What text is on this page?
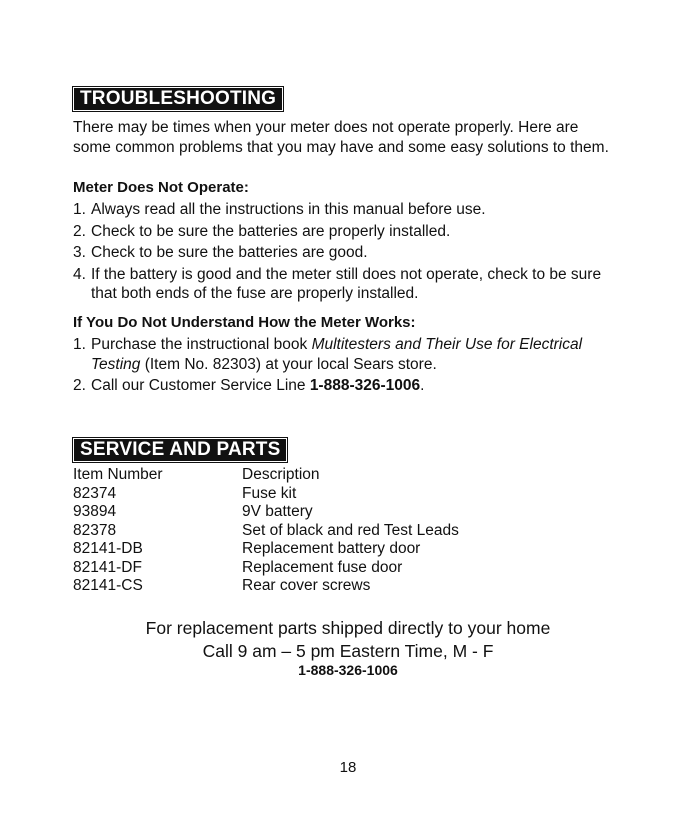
TROUBLESHOOTING

There may be times when your meter does not operate properly. Here are some common problems that you may have and some easy solutions to them.

Meter Does Not Operate:

1. Always read all the instructions in this manual before use.
2. Check to be sure the batteries are properly installed.
3. Check to be sure the batteries are good.
4. If the battery is good and the meter still does not operate, check to be sure that both ends of the fuse are properly installed.

If You Do Not Understand How the Meter Works:

1. Purchase the instructional book Multitesters and Their Use for Electrical Testing (Item No. 82303) at your local Sears store.
2. Call our Customer Service Line 1-888-326-1006.
SERVICE AND PARTS
Item Number	Description
82374	Fuse kit
93894	9V battery
82378	Set of black and red Test Leads
82141-DB	Replacement battery door
82141-DF	Replacement fuse door
82141-CS	Rear cover screws
For replacement parts shipped directly to your home
Call 9 am – 5 pm Eastern Time, M - F
1-888-326-1006
18
